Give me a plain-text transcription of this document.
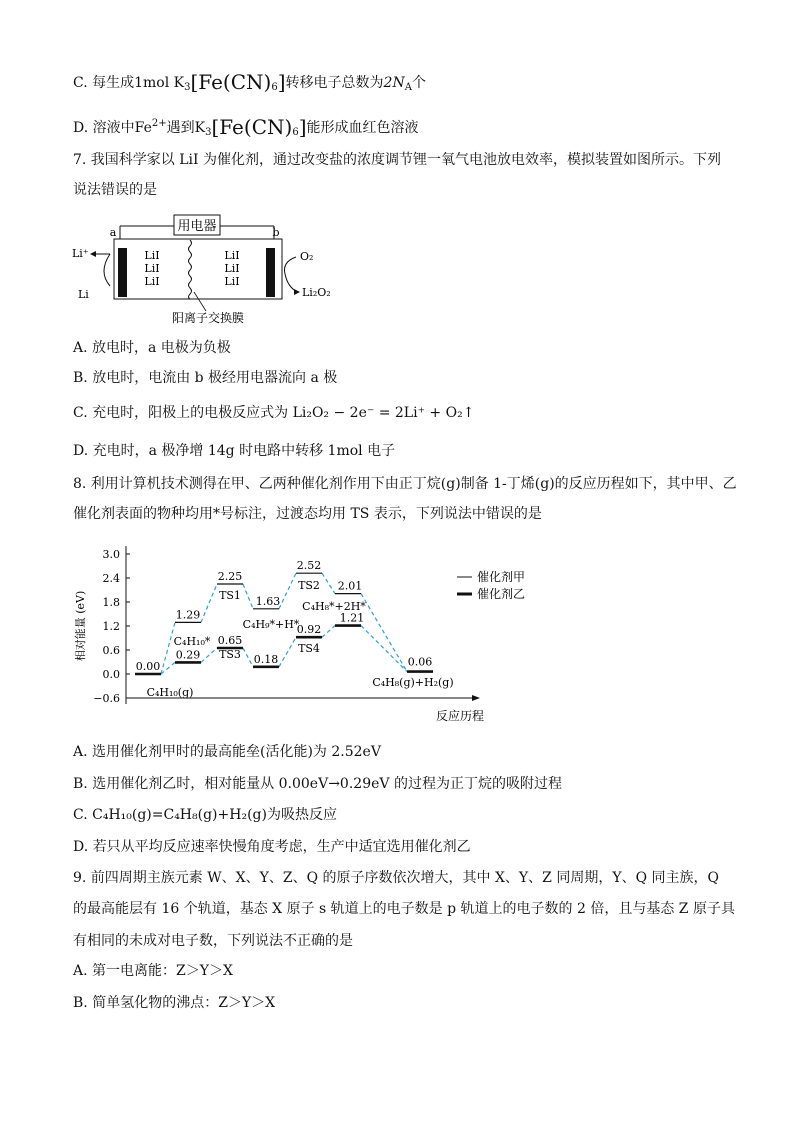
C. 每生成1mol $K_3[Fe(CN)_6]$转移电子总数为$2N_A$个
D. 溶液中$Fe^{2+}$遇到$K_3[Fe(CN)_6]$能形成血红色溶液
7. 我国科学家以 LiI 为催化剂，通过改变盐的浓度调节锂一氧气电池放电效率，模拟装置如图所示。下列
说法错误的是
用电器
a	b
阳离子交换膜
LiI
LiI
LiI
LiI
LiI
LiI
Li⁺
Li
O₂
Li₂O₂
A. 放电时，a 电极为负极
B. 放电时，电流由 b 极经用电器流向 a 极
C. 充电时，阳极上的电极反应式为 Li₂O₂ − 2e⁻ = 2Li⁺ + O₂↑
D. 充电时，a 极净增 14g 时电路中转移 1mol 电子
8. 利用计算机技术测得在甲、乙两种催化剂作用下由正丁烷(g)制备 1-丁烯(g)的反应历程如下，其中甲、乙
催化剂表面的物种均用*号标注，过渡态均用 TS 表示，下列说法中错误的是
相对能量 (eV)
反应历程
3.0
2.4
1.8
1.2
0.6
0.0
−0.6
0.00
1.29
2.25
1.63
2.52
2.01
0.29
0.65
0.18
0.92
1.21
0.06
C₄H₁₀(g)
C₄H₁₀*
TS1
TS3
C₄H₉*+H*
TS2
TS4
C₄H₈*+2H*
C₄H₈(g)+H₂(g)
催化剂甲
催化剂乙
A. 选用催化剂甲时的最高能垒(活化能)为 2.52eV
B. 选用催化剂乙时，相对能量从 0.00eV→0.29eV 的过程为正丁烷的吸附过程
C. C₄H₁₀(g)=C₄H₈(g)+H₂(g)为吸热反应
D. 若只从平均反应速率快慢角度考虑，生产中适宜选用催化剂乙
9. 前四周期主族元素 W、X、Y、Z、Q 的原子序数依次增大，其中 X、Y、Z 同周期，Y、Q 同主族，Q
的最高能层有 16 个轨道，基态 X 原子 s 轨道上的电子数是 p 轨道上的电子数的 2 倍，且与基态 Z 原子具
有相同的未成对电子数，下列说法不正确的是
A. 第一电离能：Z＞Y＞X
B. 简单氢化物的沸点：Z＞Y＞X
